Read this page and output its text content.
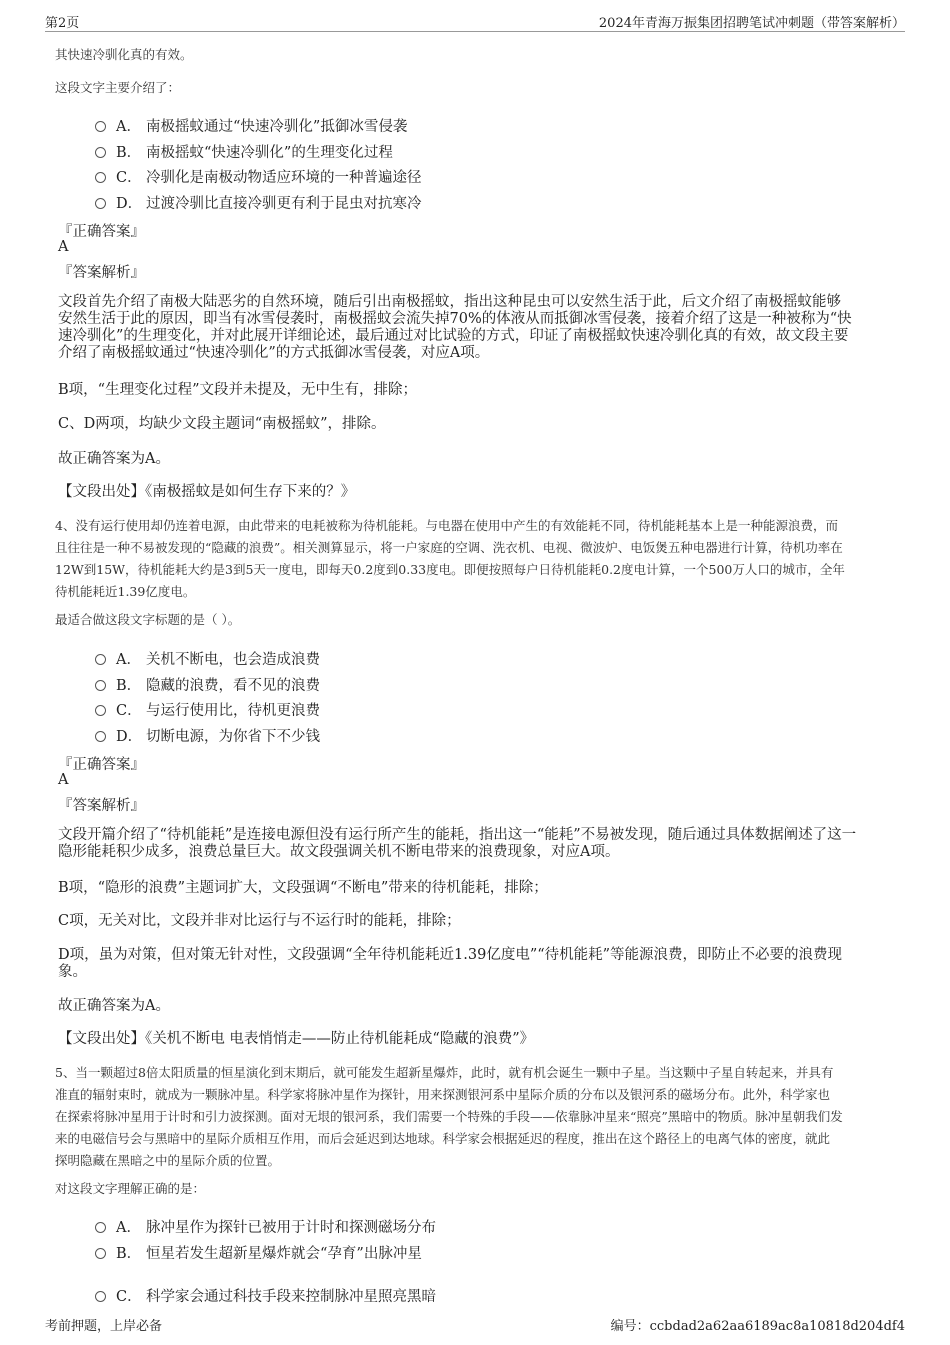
第2页	2024年青海万振集团招聘笔试冲刺题（带答案解析）
其快速冷驯化真的有效。
这段文字主要介绍了：
A． 南极摇蚊通过“快速冷驯化”抵御冰雪侵袭
B． 南极摇蚊“快速冷驯化”的生理变化过程
C． 冷驯化是南极动物适应环境的一种普遍途径
D． 过渡冷驯比直接冷驯更有利于昆虫对抗寒冷
『正确答案』
A
『答案解析』
文段首先介绍了南极大陆恶劣的自然环境，随后引出南极摇蚊，指出这种昆虫可以安然生活于此，后文介绍了南极摇蚊能够
安然生活于此的原因，即当有冰雪侵袭时，南极摇蚊会流失掉70%的体液从而抵御冰雪侵袭，接着介绍了这是一种被称为“快
速冷驯化”的生理变化，并对此展开详细论述，最后通过对比试验的方式，印证了南极摇蚊快速冷驯化真的有效，故文段主要
介绍了南极摇蚊通过“快速冷驯化”的方式抵御冰雪侵袭，对应A项。
B项，“生理变化过程”文段并未提及，无中生有，排除；
C、D两项，均缺少文段主题词“南极摇蚊”，排除。
故正确答案为A。
【文段出处】《南极摇蚊是如何生存下来的？》
4、没有运行使用却仍连着电源，由此带来的电耗被称为待机能耗。与电器在使用中产生的有效能耗不同，待机能耗基本上是一种能源浪费，而
且往往是一种不易被发现的“隐藏的浪费”。相关测算显示，将一户家庭的空调、洗衣机、电视、微波炉、电饭煲五种电器进行计算，待机功率在
12W到15W，待机能耗大约是3到5天一度电，即每天0.2度到0.33度电。即便按照每户日待机能耗0.2度电计算，一个500万人口的城市，全年
待机能耗近1.39亿度电。
最适合做这段文字标题的是（ ）。
A． 关机不断电，也会造成浪费
B． 隐藏的浪费，看不见的浪费
C． 与运行使用比，待机更浪费
D． 切断电源，为你省下不少钱
『正确答案』
A
『答案解析』
文段开篇介绍了“待机能耗”是连接电源但没有运行所产生的能耗，指出这一“能耗”不易被发现，随后通过具体数据阐述了这一
隐形能耗积少成多，浪费总量巨大。故文段强调关机不断电带来的浪费现象，对应A项。
B项，“隐形的浪费”主题词扩大，文段强调“不断电”带来的待机能耗，排除；
C项，无关对比，文段并非对比运行与不运行时的能耗，排除；
D项，虽为对策，但对策无针对性，文段强调“全年待机能耗近1.39亿度电”“待机能耗”等能源浪费，即防止不必要的浪费现
象。
故正确答案为A。
【文段出处】《关机不断电 电表悄悄走——防止待机能耗成“隐藏的浪费”》
5、当一颗超过8倍太阳质量的恒星演化到末期后，就可能发生超新星爆炸，此时，就有机会诞生一颗中子星。当这颗中子星自转起来，并具有
准直的辐射束时，就成为一颗脉冲星。科学家将脉冲星作为探针，用来探测银河系中星际介质的分布以及银河系的磁场分布。此外，科学家也
在探索将脉冲星用于计时和引力波探测。面对无垠的银河系，我们需要一个特殊的手段——依靠脉冲星来“照亮”黑暗中的物质。脉冲星朝我们发
来的电磁信号会与黑暗中的星际介质相互作用，而后会延迟到达地球。科学家会根据延迟的程度，推出在这个路径上的电离气体的密度，就此
探明隐藏在黑暗之中的星际介质的位置。
对这段文字理解正确的是：
A． 脉冲星作为探针已被用于计时和探测磁场分布
B． 恒星若发生超新星爆炸就会“孕育”出脉冲星
C． 科学家会通过科技手段来控制脉冲星照亮黑暗
考前押题，上岸必备	编号：ccbdad2a62aa6189ac8a10818d204df4
